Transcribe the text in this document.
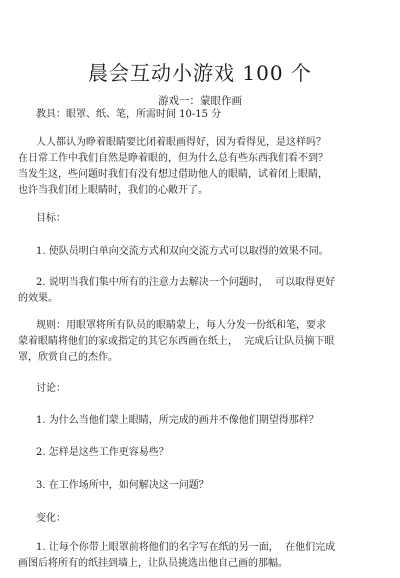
晨会互动小游戏 100 个
游戏一：蒙眼作画
教具：眼罩、纸、笔，所需时间 10-15 分
人人都认为睁着眼睛要比闭着眼画得好，因为看得见，是这样吗？
在日常工作中我们自然是睁着眼的，但为什么总有些东西我们看不到？
当发生这，些问题时我们有没有想过借助他人的眼睛，试着闭上眼睛，
也许当我们闭上眼睛时，我们的心敞开了。
目标：
1. 使队员明白单向交流方式和双向交流方式可以取得的效果不同。
2. 说明当我们集中所有的注意力去解决一个问题时，  可以取得更好
的效果。
规则：用眼罩将所有队员的眼睛蒙上，每人分发一份纸和笔，要求
蒙着眼睛将他们的家或指定的其它东西画在纸上，  完成后让队员摘下眼
罩，欣赏自己的杰作。
讨论：
1. 为什么当他们蒙上眼睛，所完成的画并不像他们期望得那样？
2. 怎样是这些工作更容易些？
3. 在工作场所中，如何解决这一问题？
变化：
1. 让每个你带上眼罩前将他们的名字写在纸的另一面，  在他们完成
画图后将所有的纸挂到墙上，让队员挑选出他自己画的那幅。
